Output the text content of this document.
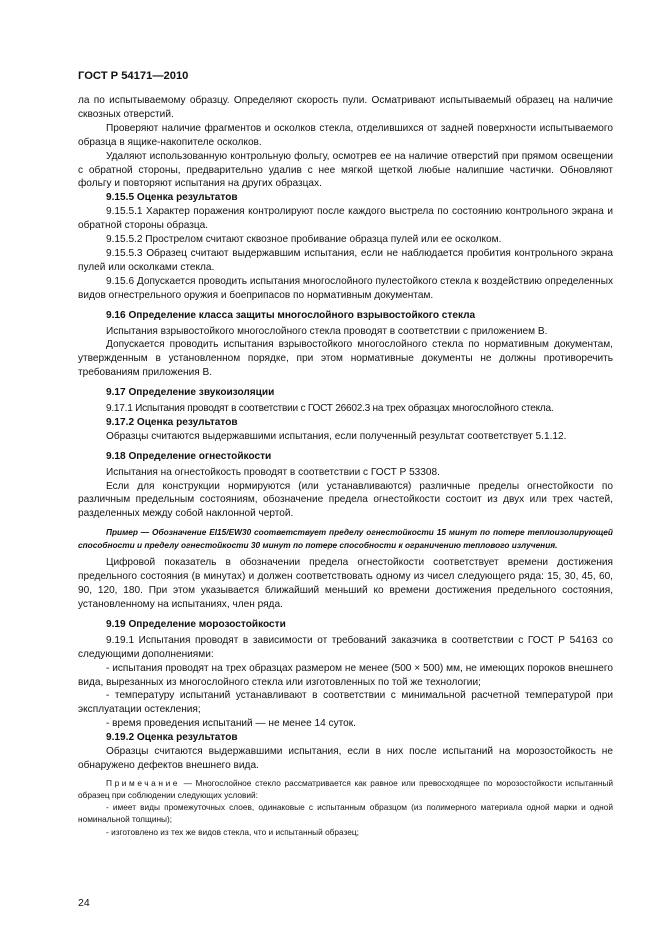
ГОСТ Р 54171—2010

ла по испытываемому образцу. Определяют скорость пули. Осматривают испытываемый образец на наличие сквозных отверстий.

Проверяют наличие фрагментов и осколков стекла, отделившихся от задней поверхности испытываемого образца в ящике-накопителе осколков.

Удаляют использованную контрольную фольгу, осмотрев ее на наличие отверстий при прямом освещении с обратной стороны, предварительно удалив с нее мягкой щеткой любые налипшие частички. Обновляют фольгу и повторяют испытания на других образцах.

9.15.5 Оценка результатов

9.15.5.1 Характер поражения контролируют после каждого выстрела по состоянию контрольного экрана и обратной стороны образца.

9.15.5.2 Прострелом считают сквозное пробивание образца пулей или ее осколком.

9.15.5.3 Образец считают выдержавшим испытания, если не наблюдается пробития контрольного экрана пулей или осколками стекла.

9.15.6 Допускается проводить испытания многослойного пулестойкого стекла к воздействию определенных видов огнестрельного оружия и боеприпасов по нормативным документам.

9.16 Определение класса защиты многослойного взрывостойкого стекла

Испытания взрывостойкого многослойного стекла проводят в соответствии с приложением В.

Допускается проводить испытания взрывостойкого многослойного стекла по нормативным документам, утвержденным в установленном порядке, при этом нормативные документы не должны противоречить требованиям приложения В.

9.17 Определение звукоизоляции

9.17.1 Испытания проводят в соответствии с ГОСТ 26602.3 на трех образцах многослойного стекла.

9.17.2 Оценка результатов

Образцы считаются выдержавшими испытания, если полученный результат соответствует 5.1.12.

9.18 Определение огнестойкости

Испытания на огнестойкость проводят в соответствии с ГОСТ Р 53308.

Если для конструкции нормируются (или устанавливаются) различные пределы огнестойкости по различным предельным состояниям, обозначение предела огнестойкости состоит из двух или трех частей, разделенных между собой наклонной чертой.

Пример — Обозначение EI15/EW30 соответствует пределу огнестойкости 15 минут по потере теплоизолирующей способности и пределу огнестойкости 30 минут по потере способности к ограничению теплового излучения.

Цифровой показатель в обозначении предела огнестойкости соответствует времени достижения предельного состояния (в минутах) и должен соответствовать одному из чисел следующего ряда: 15, 30, 45, 60, 90, 120, 180. При этом указывается ближайший меньший ко времени достижения предельного состояния, установленному на испытаниях, член ряда.

9.19 Определение морозостойкости

9.19.1 Испытания проводят в зависимости от требований заказчика в соответствии с ГОСТ Р 54163 со следующими дополнениями:

- испытания проводят на трех образцах размером не менее (500 × 500) мм, не имеющих пороков внешнего вида, вырезанных из многослойного стекла или изготовленных по той же технологии;

- температуру испытаний устанавливают в соответствии с минимальной расчетной температурой при эксплуатации остекления;

- время проведения испытаний — не менее 14 суток.

9.19.2 Оценка результатов

Образцы считаются выдержавшими испытания, если в них после испытаний на морозостойкость не обнаружено дефектов внешнего вида.

Примечание — Многослойное стекло рассматривается как равное или превосходящее по морозостойкости испытанный образец при соблюдении следующих условий:

- имеет виды промежуточных слоев, одинаковые с испытанным образцом (из полимерного материала одной марки и одной номинальной толщины);

- изготовлено из тех же видов стекла, что и испытанный образец;

24
